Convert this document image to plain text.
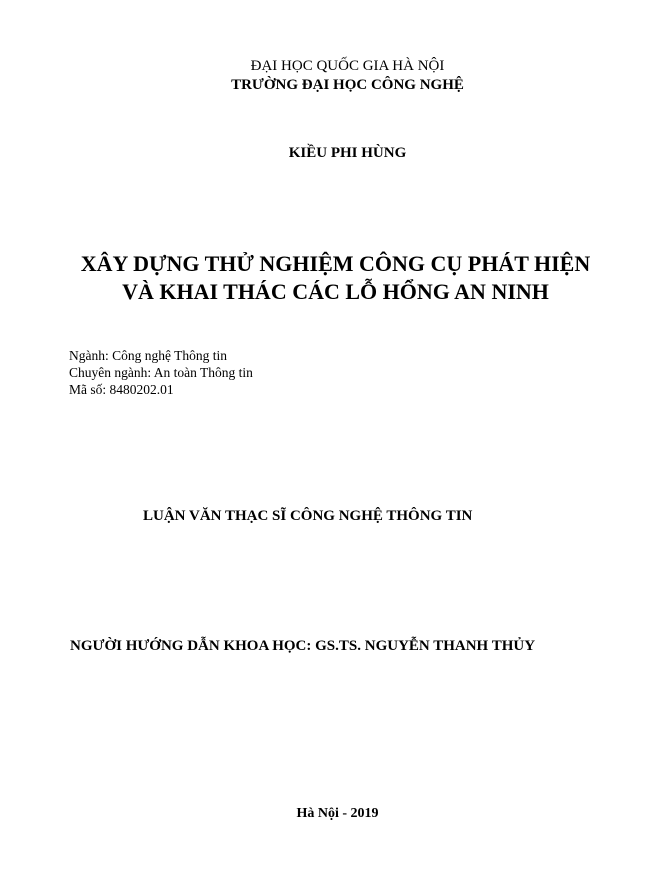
ĐẠI HỌC QUỐC GIA HÀ NỘI

TRƯỜNG ĐẠI HỌC CÔNG NGHỆ

KIỀU PHI HÙNG

XÂY DỰNG THỬ NGHIỆM CÔNG CỤ PHÁT HIỆN

VÀ KHAI THÁC CÁC LỖ HỔNG AN NINH

Ngành: Công nghệ Thông tin

Chuyên ngành: An toàn Thông tin

Mã số: 8480202.01

LUẬN VĂN THẠC SĨ CÔNG NGHỆ THÔNG TIN

NGƯỜI HƯỚNG DẪN KHOA HỌC: GS.TS. NGUYỄN THANH THỦY

Hà Nội - 2019
